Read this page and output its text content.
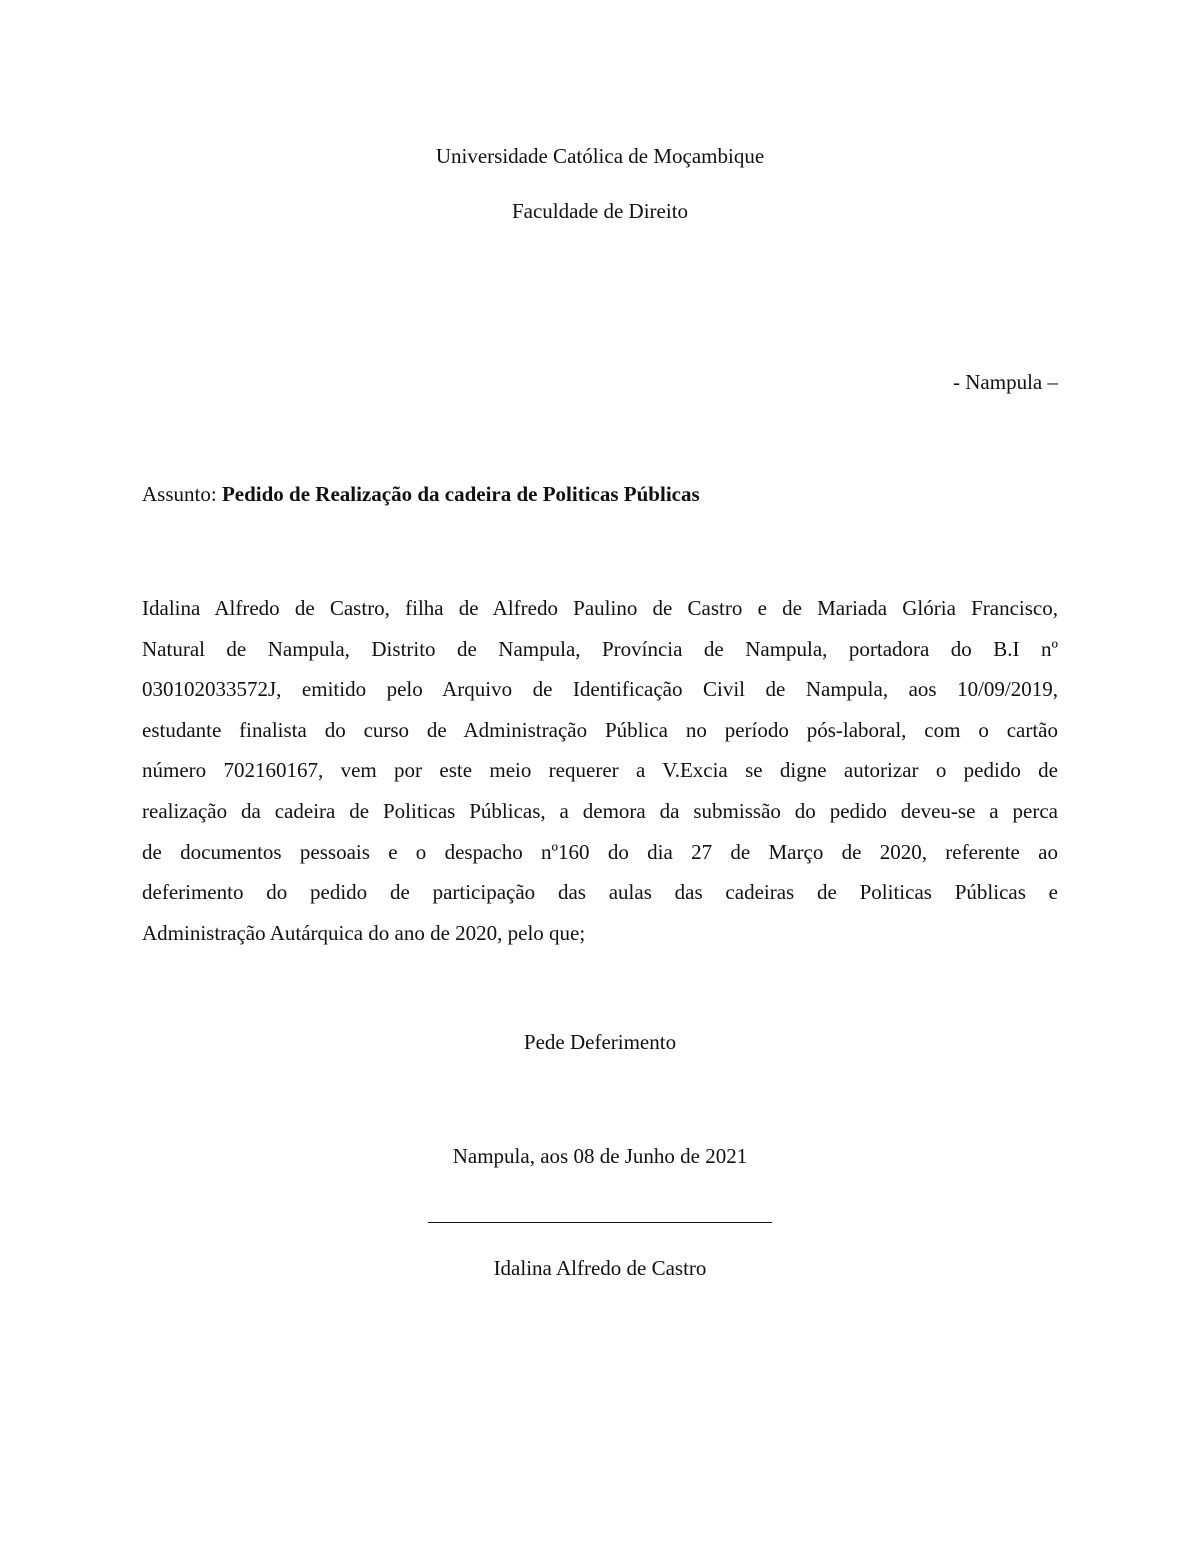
Universidade Católica de Moçambique
Faculdade de Direito
- Nampula –
Assunto: Pedido de Realização da cadeira de Politicas Públicas
Idalina Alfredo de Castro, filha de Alfredo Paulino de Castro e de Mariada Glória Francisco,
Natural de Nampula, Distrito de Nampula, Província de Nampula, portadora do B.I nº
030102033572J, emitido pelo Arquivo de Identificação Civil de Nampula, aos 10/09/2019,
estudante finalista do curso de Administração Pública no período pós-laboral, com o cartão
número 702160167, vem por este meio requerer a V.Excia se digne autorizar o pedido de
realização da cadeira de Politicas Públicas, a demora da submissão do pedido deveu-se a perca
de documentos pessoais e o despacho nº160 do dia 27 de Março de 2020, referente ao
deferimento do pedido de participação das aulas das cadeiras de Politicas Públicas e
Administração Autárquica do ano de 2020, pelo que;
Pede Deferimento
Nampula, aos 08 de Junho de 2021
Idalina Alfredo de Castro
